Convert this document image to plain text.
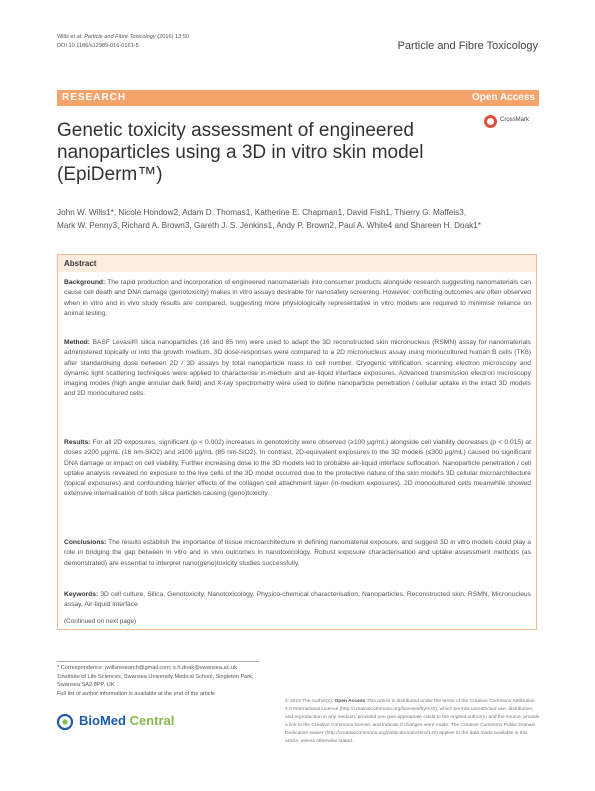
Wills et al. Particle and Fibre Toxicology (2016) 13:50
DOI 10.1186/s12989-016-0161-5	Particle and Fibre Toxicology
RESEARCH	Open Access
Genetic toxicity assessment of engineered nanoparticles using a 3D in vitro skin model (EpiDerm™)
CrossMark
John W. Wills1*, Nicole Hondow2, Adam D. Thomas1, Katherine E. Chapman1, David Fish1, Thierry G. Maffeis3,
Mark W. Penny3, Richard A. Brown3, Gareth J. S. Jenkins1, Andy P. Brown2, Paul A. White4 and Shareen H. Doak1*
Abstract
Background: The rapid production and incorporation of engineered nanomaterials into consumer products alongside research suggesting nanomaterials can cause cell death and DNA damage (genotoxicity) makes in vitro assays desirable for nanosafety screening. However, conflicting outcomes are often observed when in vitro and in vivo study results are compared, suggesting more physiologically representative in vitro models are required to minimise reliance on animal testing.
Method: BASF Levasil® silica nanoparticles (16 and 85 nm) were used to adapt the 3D reconstructed skin micronucleus (RSMN) assay for nanomaterials administered topically or into the growth medium. 3D dose-responses were compared to a 2D micronucleus assay using monocultured human B cells (TK6) after standardising dose between 2D / 3D assays by total nanoparticle mass to cell number. Cryogenic vitrification, scanning electron microscopy and dynamic light scattering techniques were applied to characterise in-medium and air-liquid interface exposures. Advanced transmission electron microscopy imaging modes (high angle annular dark field) and X-ray spectrometry were used to define nanoparticle penetration / cellular uptake in the intact 3D models and 2D monocultured cells.
Results: For all 2D exposures, significant (p < 0.002) increases in genotoxicity were observed (≥100 μg/mL) alongside cell viability decreases (p < 0.015) at doses ≥200 μg/mL (16 nm-SiO2) and ≥100 μg/mL (85 nm-SiO2). In contrast, 2D-equivalent exposures to the 3D models (≤300 μg/mL) caused no significant DNA damage or impact on cell viability. Further increasing dose to the 3D models led to probable air-liquid interface suffocation. Nanoparticle penetration / cell uptake analysis revealed no exposure to the live cells of the 3D model occurred due to the protective nature of the skin model's 3D cellular microarchitecture (topical exposures) and confounding barrier effects of the collagen cell attachment layer (in-medium exposures). 2D monocultured cells meanwhile showed extensive internalisation of both silica particles causing (geno)toxicity.
Conclusions: The results establish the importance of tissue microarchitecture in defining nanomaterial exposure, and suggest 3D in vitro models could play a role in bridging the gap between in vitro and in vivo outcomes in nanotoxicology. Robust exposure characterisation and uptake assessment methods (as demonstrated) are essential to interpret nano(geno)toxicity studies successfully.
Keywords: 3D cell culture, Silica, Genotoxicity, Nanotoxicology, Physico-chemical characterisation, Nanoparticles, Reconstructed skin, RSMN, Micronucleus assay, Air-liquid interface
(Continued on next page)
* Correspondence: jwillsresearch@gmail.com; s.h.doak@swansea.ac.uk
1Institute of Life Sciences, Swansea University Medical School, Singleton Park,
Swansea SA2 8PP, UK
Full list of author information is available at the end of the article
BioMed Central
© 2016 The Author(s). Open Access This article is distributed under the terms of the Creative Commons Attribution 4.0 International License (http://creativecommons.org/licenses/by/4.0/), which permits unrestricted use, distribution, and reproduction in any medium, provided you give appropriate credit to the original author(s) and the source, provide a link to the Creative Commons license, and indicate if changes were made. The Creative Commons Public Domain Dedication waiver (http://creativecommons.org/publicdomain/zero/1.0/) applies to the data made available in this article, unless otherwise stated.
